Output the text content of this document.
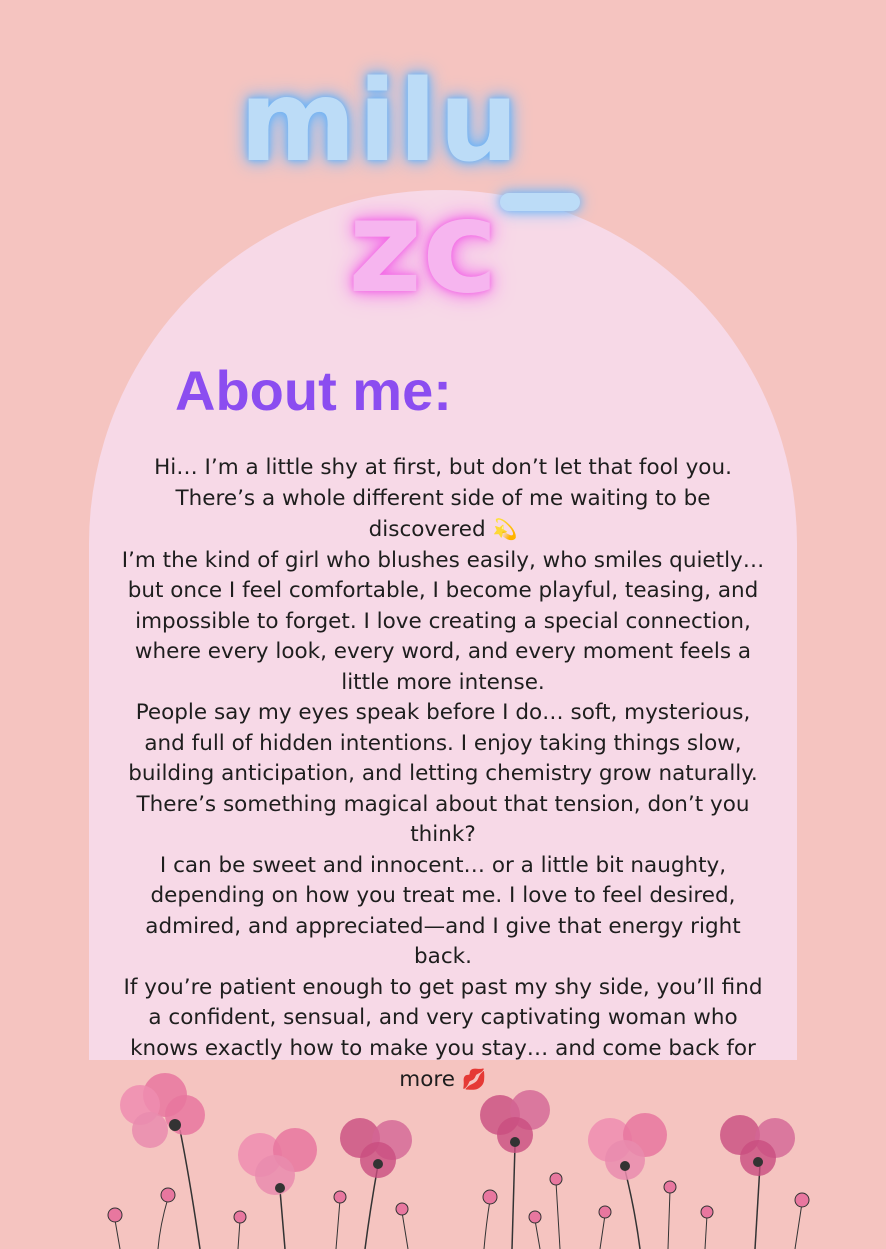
milu
zc
About me:

Hi… I’m a little shy at first, but don’t let that fool you. There’s a whole different side of me waiting to be discovered 💫

I’m the kind of girl who blushes easily, who smiles quietly… but once I feel comfortable, I become playful, teasing, and impossible to forget. I love creating a special connection, where every look, every word, and every moment feels a little more intense.

People say my eyes speak before I do… soft, mysterious, and full of hidden intentions. I enjoy taking things slow, building anticipation, and letting chemistry grow naturally. There’s something magical about that tension, don’t you think?

I can be sweet and innocent… or a little bit naughty, depending on how you treat me. I love to feel desired, admired, and appreciated—and I give that energy right back.

If you’re patient enough to get past my shy side, you’ll find a confident, sensual, and very captivating woman who knows exactly how to make you stay… and come back for more 💋
